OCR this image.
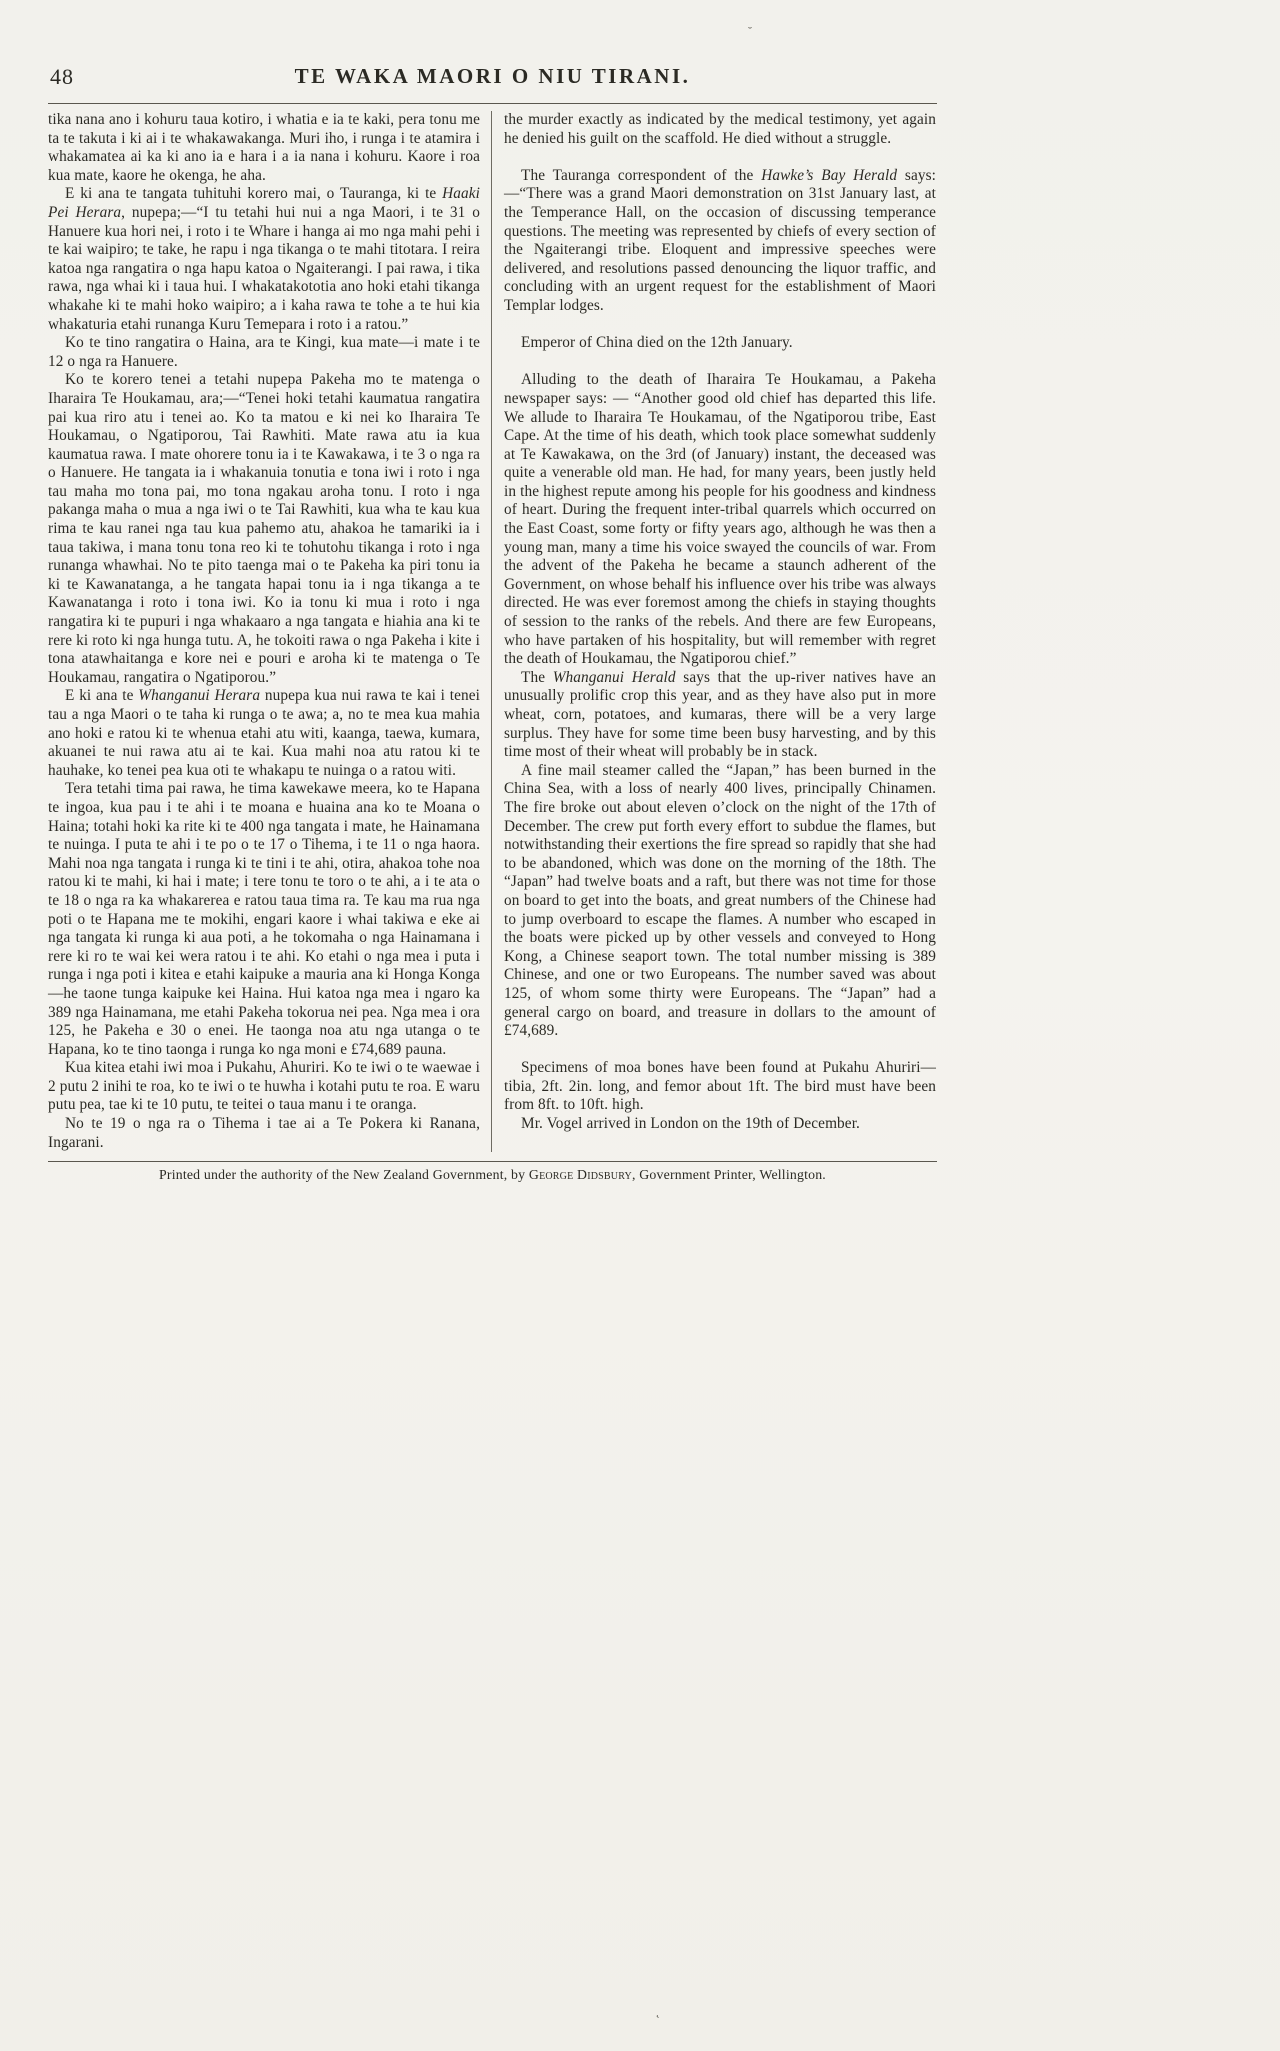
48	TE WAKA MAORI O NIU TIRANI.

tika nana ano i kohuru taua kotiro, i whatia e ia te kaki, pera tonu me ta te takuta i ki ai i te whakawakanga. Muri iho, i runga i te atamira i whakamatea ai ka ki ano ia e hara i a ia nana i kohuru. Kaore i roa kua mate, kaore he okenga, he aha.

E ki ana te tangata tuhituhi korero mai, o Tauranga, ki te Haaki Pei Herara, nupepa;—“I tu tetahi hui nui a nga Maori, i te 31 o Hanuere kua hori nei, i roto i te Whare i hanga ai mo nga mahi pehi i te kai waipiro; te take, he rapu i nga tikanga o te mahi titotara. I reira katoa nga rangatira o nga hapu katoa o Ngaiterangi. I pai rawa, i tika rawa, nga whai ki i taua hui. I whakatakototia ano hoki etahi tikanga whakahe ki te mahi hoko waipiro; a i kaha rawa te tohe a te hui kia whakaturia etahi runanga Kuru Temepara i roto i a ratou.”

Ko te tino rangatira o Haina, ara te Kingi, kua mate—i mate i te 12 o nga ra Hanuere.

Ko te korero tenei a tetahi nupepa Pakeha mo te matenga o Iharaira Te Houkamau, ara;—“Tenei hoki tetahi kaumatua rangatira pai kua riro atu i tenei ao. Ko ta matou e ki nei ko Iharaira Te Houkamau, o Ngatiporou, Tai Rawhiti. Mate rawa atu ia kua kaumatua rawa. I mate ohorere tonu ia i te Kawakawa, i te 3 o nga ra o Hanuere. He tangata ia i whakanuia tonutia e tona iwi i roto i nga tau maha mo tona pai, mo tona ngakau aroha tonu. I roto i nga pakanga maha o mua a nga iwi o te Tai Rawhiti, kua wha te kau kua rima te kau ranei nga tau kua pahemo atu, ahakoa he tamariki ia i taua takiwa, i mana tonu tona reo ki te tohutohu tikanga i roto i nga runanga whawhai. No te pito taenga mai o te Pakeha ka piri tonu ia ki te Kawanatanga, a he tangata hapai tonu ia i nga tikanga a te Kawanatanga i roto i tona iwi. Ko ia tonu ki mua i roto i nga rangatira ki te pupuri i nga whakaaro a nga tangata e hiahia ana ki te rere ki roto ki nga hunga tutu. A, he tokoiti rawa o nga Pakeha i kite i tona atawhaitanga e kore nei e pouri e aroha ki te matenga o Te Houkamau, rangatira o Ngatiporou.”

E ki ana te Whanganui Herara nupepa kua nui rawa te kai i tenei tau a nga Maori o te taha ki runga o te awa; a, no te mea kua mahia ano hoki e ratou ki te whenua etahi atu witi, kaanga, taewa, kumara, akuanei te nui rawa atu ai te kai. Kua mahi noa atu ratou ki te hauhake, ko tenei pea kua oti te whakapu te nuinga o a ratou witi.

Tera tetahi tima pai rawa, he tima kawekawe meera, ko te Hapana te ingoa, kua pau i te ahi i te moana e huaina ana ko te Moana o Haina; totahi hoki ka rite ki te 400 nga tangata i mate, he Hainamana te nuinga. I puta te ahi i te po o te 17 o Tihema, i te 11 o nga haora. Mahi noa nga tangata i runga ki te tini i te ahi, otira, ahakoa tohe noa ratou ki te mahi, ki hai i mate; i tere tonu te toro o te ahi, a i te ata o te 18 o nga ra ka whakarerea e ratou taua tima ra. Te kau ma rua nga poti o te Hapana me te mokihi, engari kaore i whai takiwa e eke ai nga tangata ki runga ki aua poti, a he tokomaha o nga Hainamana i rere ki ro te wai kei wera ratou i te ahi. Ko etahi o nga mea i puta i runga i nga poti i kitea e etahi kaipuke a mauria ana ki Honga Konga—he taone tunga kaipuke kei Haina. Hui katoa nga mea i ngaro ka 389 nga Hainamana, me etahi Pakeha tokorua nei pea. Nga mea i ora 125, he Pakeha e 30 o enei. He taonga noa atu nga utanga o te Hapana, ko te tino taonga i runga ko nga moni e £74,689 pauna.

Kua kitea etahi iwi moa i Pukahu, Ahuriri. Ko te iwi o te waewae i 2 putu 2 inihi te roa, ko te iwi o te huwha i kotahi putu te roa. E waru putu pea, tae ki te 10 putu, te teitei o taua manu i te oranga.

No te 19 o nga ra o Tihema i tae ai a Te Pokera ki Ranana, Ingarani.

the murder exactly as indicated by the medical testimony, yet again he denied his guilt on the scaffold. He died without a struggle.

The Tauranga correspondent of the Hawke’s Bay Herald says:—“There was a grand Maori demonstration on 31st January last, at the Temperance Hall, on the occasion of discussing temperance questions. The meeting was represented by chiefs of every section of the Ngaiterangi tribe. Eloquent and impressive speeches were delivered, and resolutions passed denouncing the liquor traffic, and concluding with an urgent request for the establishment of Maori Templar lodges.

Emperor of China died on the 12th January.

Alluding to the death of Iharaira Te Houkamau, a Pakeha newspaper says: — “Another good old chief has departed this life. We allude to Iharaira Te Houkamau, of the Ngatiporou tribe, East Cape. At the time of his death, which took place somewhat suddenly at Te Kawakawa, on the 3rd (of January) instant, the deceased was quite a venerable old man. He had, for many years, been justly held in the highest repute among his people for his goodness and kindness of heart. During the frequent inter-tribal quarrels which occurred on the East Coast, some forty or fifty years ago, although he was then a young man, many a time his voice swayed the councils of war. From the advent of the Pakeha he became a staunch adherent of the Government, on whose behalf his influence over his tribe was always directed. He was ever foremost among the chiefs in staying thoughts of session to the ranks of the rebels. And there are few Europeans, who have partaken of his hospitality, but will remember with regret the death of Houkamau, the Ngatiporou chief.”

The Whanganui Herald says that the up-river natives have an unusually prolific crop this year, and as they have also put in more wheat, corn, potatoes, and kumaras, there will be a very large surplus. They have for some time been busy harvesting, and by this time most of their wheat will probably be in stack.

A fine mail steamer called the “Japan,” has been burned in the China Sea, with a loss of nearly 400 lives, principally Chinamen. The fire broke out about eleven o’clock on the night of the 17th of December. The crew put forth every effort to subdue the flames, but notwithstanding their exertions the fire spread so rapidly that she had to be abandoned, which was done on the morning of the 18th. The “Japan” had twelve boats and a raft, but there was not time for those on board to get into the boats, and great numbers of the Chinese had to jump overboard to escape the flames. A number who escaped in the boats were picked up by other vessels and conveyed to Hong Kong, a Chinese seaport town. The total number missing is 389 Chinese, and one or two Europeans. The number saved was about 125, of whom some thirty were Europeans. The “Japan” had a general cargo on board, and treasure in dollars to the amount of £74,689.

Specimens of moa bones have been found at Pukahu Ahuriri—tibia, 2ft. 2in. long, and femor about 1ft. The bird must have been from 8ft. to 10ft. high.

Mr. Vogel arrived in London on the 19th of December.

Printed under the authority of the New Zealand Government, by George Didsbury, Government Printer, Wellington.
˘
˛
